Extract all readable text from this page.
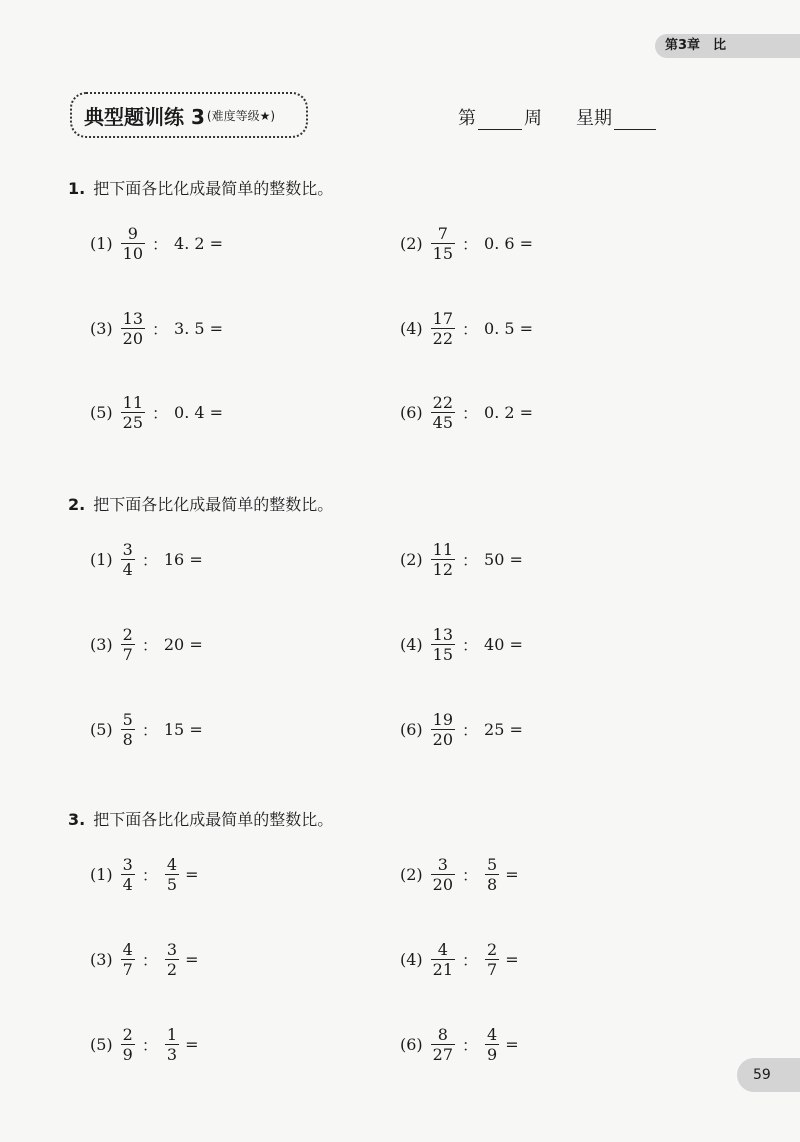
第3章　比
典型题训练 3 (难度等级★)	第	周 星期
1. 把下面各比化成最简单的整数比。
$(1) \frac{9}{10}$ ： 4. 2 =	$(2) \frac{7}{15}$ ： 0. 6 =
$(3) \frac{13}{20}$ ： 3. 5 =	$(4) \frac{17}{22}$ ： 0. 5 =
$(5) \frac{11}{25}$ ： 0. 4 =	$(6) \frac{22}{45}$ ： 0. 2 =
2. 把下面各比化成最简单的整数比。
$(1) \frac{3}{4}$ ： 16 =	$(2) \frac{11}{12}$ ： 50 =
$(3) \frac{2}{7}$ ： 20 =	$(4) \frac{13}{15}$ ： 40 =
$(5) \frac{5}{8}$ ： 15 =	$(6) \frac{19}{20}$ ： 25 =
3. 把下面各比化成最简单的整数比。
$(1) \frac{3}{4}$ ： $\frac{4}{5}$ =	$(2) \frac{3}{20}$ ： $\frac{5}{8}$ =
$(3) \frac{4}{7}$ ： $\frac{3}{2}$ =	$(4) \frac{4}{21}$ ： $\frac{2}{7}$ =
$(5) \frac{2}{9}$ ： $\frac{1}{3}$ =	$(6) \frac{8}{27}$ ： $\frac{4}{9}$ =
59
